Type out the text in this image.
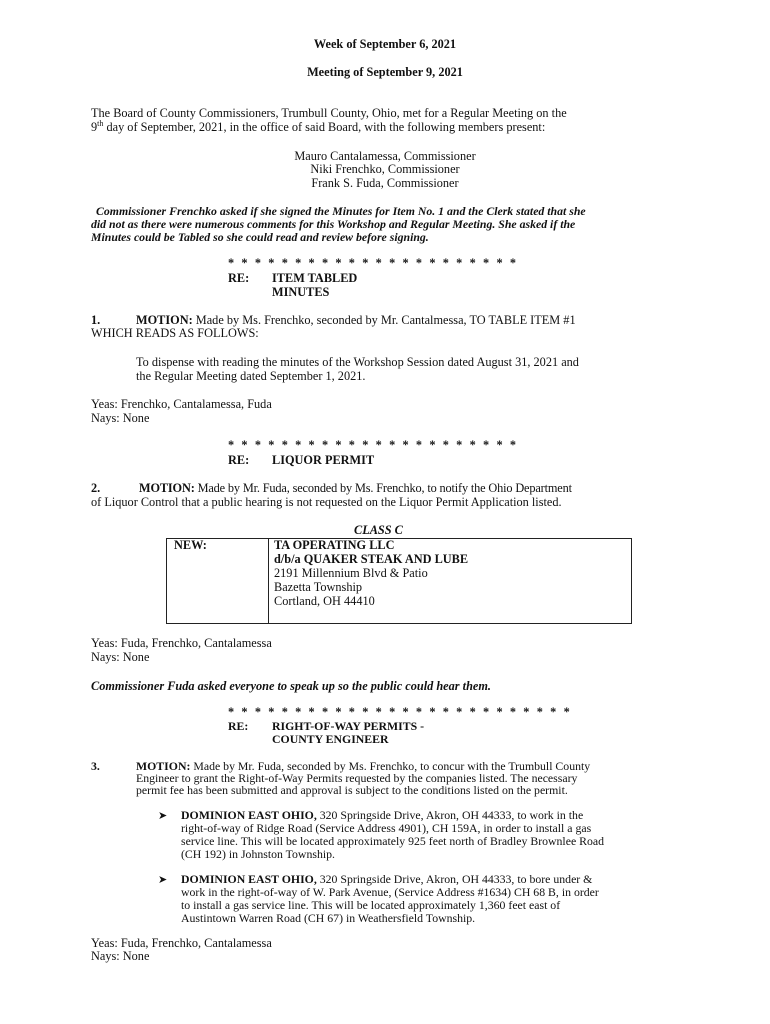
Week of September 6, 2021
Meeting of September 9, 2021
The Board of County Commissioners, Trumbull County, Ohio, met for a Regular Meeting on the
9th day of September, 2021, in the office of said Board, with the following members present:
Mauro Cantalamessa, Commissioner
Niki Frenchko, Commissioner
Frank S. Fuda, Commissioner
Commissioner Frenchko asked if she signed the Minutes for Item No. 1 and the Clerk stated that she
did not as there were numerous comments for this Workshop and Regular Meeting. She asked if the
Minutes could be Tabled so she could read and review before signing.
* * * * * * * * * * * * * * * * * * * * * *
RE: ITEM TABLED
MINUTES
1.	MOTION: Made by Ms. Frenchko, seconded by Mr. Cantalmessa, TO TABLE ITEM #1
WHICH READS AS FOLLOWS:
To dispense with reading the minutes of the Workshop Session dated August 31, 2021 and
the Regular Meeting dated September 1, 2021.
Yeas: Frenchko, Cantalamessa, Fuda
Nays: None
* * * * * * * * * * * * * * * * * * * * * *
RE: LIQUOR PERMIT
2.	MOTION: Made by Mr. Fuda, seconded by Ms. Frenchko, to notify the Ohio Department
of Liquor Control that a public hearing is not requested on the Liquor Permit Application listed.
CLASS C
NEW:	TA OPERATING LLC
d/b/a QUAKER STEAK AND LUBE
2191 Millennium Blvd & Patio
Bazetta Township
Cortland, OH 44410
Yeas: Fuda, Frenchko, Cantalamessa
Nays: None
Commissioner Fuda asked everyone to speak up so the public could hear them.
* * * * * * * * * * * * * * * * * * * * * * * * * *
RE: RIGHT-OF-WAY PERMITS -
COUNTY ENGINEER
3.	MOTION: Made by Mr. Fuda, seconded by Ms. Frenchko, to concur with the Trumbull County
Engineer to grant the Right-of-Way Permits requested by the companies listed. The necessary
permit fee has been submitted and approval is subject to the conditions listed on the permit.
➤ DOMINION EAST OHIO, 320 Springside Drive, Akron, OH 44333, to work in the
right-of-way of Ridge Road (Service Address 4901), CH 159A, in order to install a gas
service line. This will be located approximately 925 feet north of Bradley Brownlee Road
(CH 192) in Johnston Township.
➤ DOMINION EAST OHIO, 320 Springside Drive, Akron, OH 44333, to bore under &
work in the right-of-way of W. Park Avenue, (Service Address #1634) CH 68 B, in order
to install a gas service line. This will be located approximately 1,360 feet east of
Austintown Warren Road (CH 67) in Weathersfield Township.
Yeas: Fuda, Frenchko, Cantalamessa
Nays: None
